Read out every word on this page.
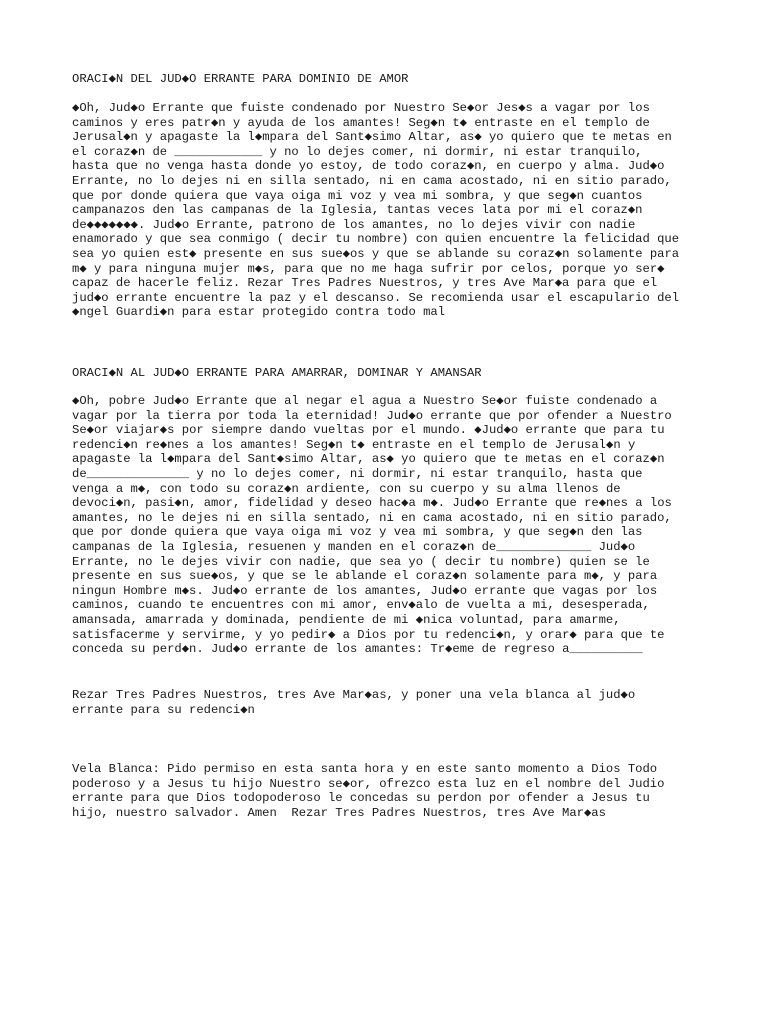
ORACI◆N DEL JUD◆O ERRANTE PARA DOMINIO DE AMOR
◆Oh, Jud◆o Errante que fuiste condenado por Nuestro Se◆or Jes◆s a vagar por los
caminos y eres patr◆n y ayuda de los amantes! Seg◆n t◆ entraste en el templo de
Jerusal◆n y apagaste la l◆mpara del Sant◆simo Altar, as◆ yo quiero que te metas en
el coraz◆n de ____________ y no lo dejes comer, ni dormir, ni estar tranquilo,
hasta que no venga hasta donde yo estoy, de todo coraz◆n, en cuerpo y alma. Jud◆o
Errante, no lo dejes ni en silla sentado, ni en cama acostado, ni en sitio parado,
que por donde quiera que vaya oiga mi voz y vea mi sombra, y que seg◆n cuantos
campanazos den las campanas de la Iglesia, tantas veces lata por mi el coraz◆n
de◆◆◆◆◆◆◆. Jud◆o Errante, patrono de los amantes, no lo dejes vivir con nadie
enamorado y que sea conmigo ( decir tu nombre) con quien encuentre la felicidad que
sea yo quien est◆ presente en sus sue◆os y que se ablande su coraz◆n solamente para
m◆ y para ninguna mujer m◆s, para que no me haga sufrir por celos, porque yo ser◆
capaz de hacerle feliz. Rezar Tres Padres Nuestros, y tres Ave Mar◆a para que el
jud◆o errante encuentre la paz y el descanso. Se recomienda usar el escapulario del
◆ngel Guardi◆n para estar protegido contra todo mal
ORACI◆N AL JUD◆O ERRANTE PARA AMARRAR, DOMINAR Y AMANSAR
◆Oh, pobre Jud◆o Errante que al negar el agua a Nuestro Se◆or fuiste condenado a
vagar por la tierra por toda la eternidad! Jud◆o errante que por ofender a Nuestro
Se◆or viajar◆s por siempre dando vueltas por el mundo. ◆Jud◆o errante que para tu
redenci◆n re◆nes a los amantes! Seg◆n t◆ entraste en el templo de Jerusal◆n y
apagaste la l◆mpara del Sant◆simo Altar, as◆ yo quiero que te metas en el coraz◆n
de______________ y no lo dejes comer, ni dormir, ni estar tranquilo, hasta que
venga a m◆, con todo su coraz◆n ardiente, con su cuerpo y su alma llenos de
devoci◆n, pasi◆n, amor, fidelidad y deseo hac◆a m◆. Jud◆o Errante que re◆nes a los
amantes, no le dejes ni en silla sentado, ni en cama acostado, ni en sitio parado,
que por donde quiera que vaya oiga mi voz y vea mi sombra, y que seg◆n den las
campanas de la Iglesia, resuenen y manden en el coraz◆n de_____________ Jud◆o
Errante, no le dejes vivir con nadie, que sea yo ( decir tu nombre) quien se le
presente en sus sue◆os, y que se le ablande el coraz◆n solamente para m◆, y para
ningun Hombre m◆s. Jud◆o errante de los amantes, Jud◆o errante que vagas por los
caminos, cuando te encuentres con mi amor, env◆alo de vuelta a mi, desesperada,
amansada, amarrada y dominada, pendiente de mi ◆nica voluntad, para amarme,
satisfacerme y servirme, y yo pedir◆ a Dios por tu redenci◆n, y orar◆ para que te
conceda su perd◆n. Jud◆o errante de los amantes: Tr◆eme de regreso a__________
Rezar Tres Padres Nuestros, tres Ave Mar◆as, y poner una vela blanca al jud◆o
errante para su redenci◆n
Vela Blanca: Pido permiso en esta santa hora y en este santo momento a Dios Todo
poderoso y a Jesus tu hijo Nuestro se◆or, ofrezco esta luz en el nombre del Judio
errante para que Dios todopoderoso le concedas su perdon por ofender a Jesus tu
hijo, nuestro salvador. Amen  Rezar Tres Padres Nuestros, tres Ave Mar◆as
